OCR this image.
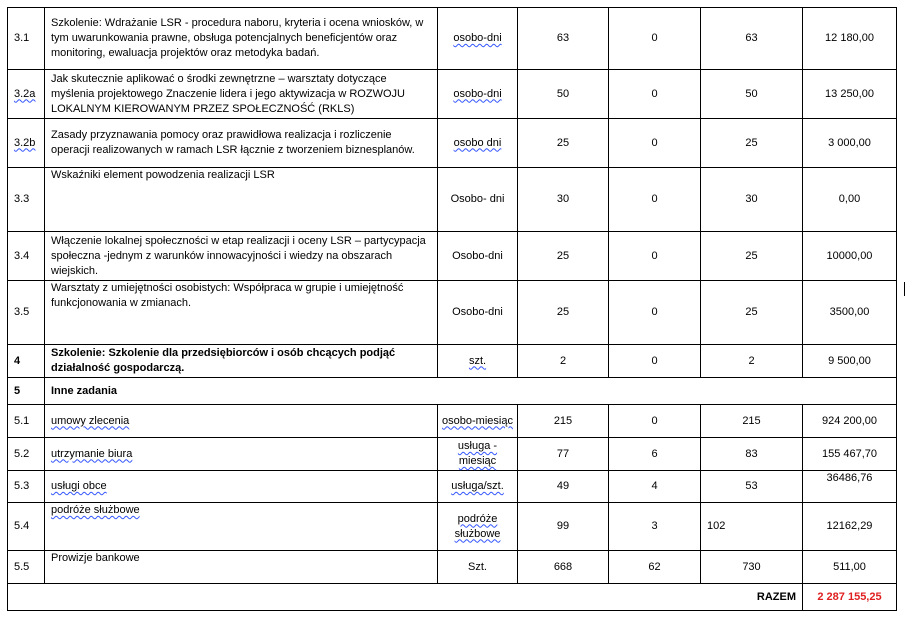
3.1	Szkolenie: Wdrażanie LSR - procedura naboru, kryteria i ocena wniosków, w tym uwarunkowania prawne, obsługa potencjalnych beneficjentów oraz monitoring, ewaluacja projektów oraz metodyka badań.	osobo-dni	63	0	63	12 180,00
3.2a	Jak skutecznie aplikować o środki zewnętrzne – warsztaty dotyczące myślenia projektowego Znaczenie lidera i jego aktywizacja w ROZWOJU LOKALNYM KIEROWANYM PRZEZ SPOŁECZNOŚĆ (RKLS)	osobo-dni	50	0	50	13 250,00
3.2b	Zasady przyznawania pomocy oraz prawidłowa realizacja i rozliczenie operacji realizowanych w ramach LSR łącznie z tworzeniem biznesplanów.	osobo dni	25	0	25	3 000,00
3.3	Wskaźniki element powodzenia realizacji LSR	Osobo- dni	30	0	30	0,00
3.4	Włączenie lokalnej społeczności w etap realizacji i oceny LSR – partycypacja społeczna -jednym z warunków innowacyjności i wiedzy na obszarach wiejskich.	Osobo-dni	25	0	25	10000,00
3.5	Warsztaty z umiejętności osobistych: Współpraca w grupie i umiejętność funkcjonowania w zmianach.	Osobo-dni	25	0	25	3500,00
4	Szkolenie: Szkolenie dla przedsiębiorców i osób chcących podjąć działalność gospodarczą.	szt.	2	0	2	9 500,00
5	Inne zadania					
5.1	umowy zlecenia	osobo-miesiąc	215	0	215	924 200,00
5.2	utrzymanie biura	usługa - miesiąc	77	6	83	155 467,70
5.3	usługi obce	usługa/szt.	49	4	53	36486,76
5.4	podróże służbowe	podróże służbowe	99	3	102	12162,29
5.5	Prowizje bankowe	Szt.	668	62	730	511,00
RAZEM						2 287 155,25
